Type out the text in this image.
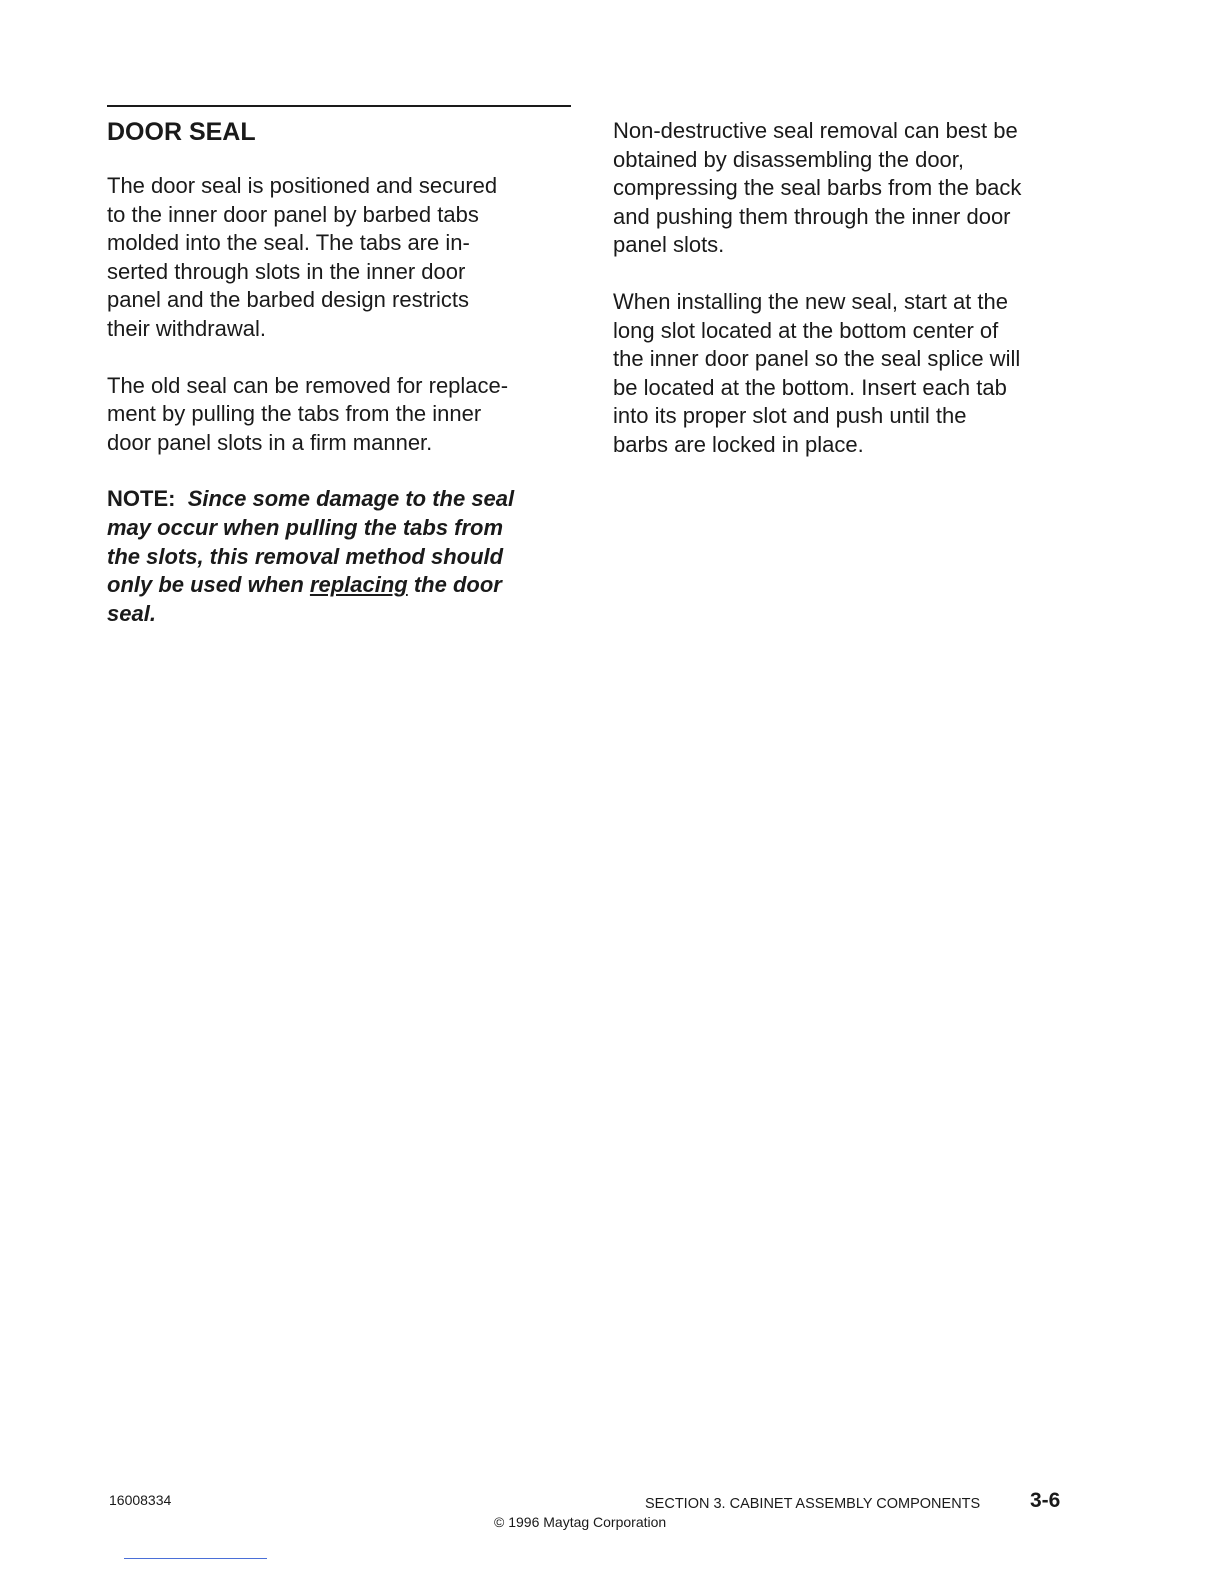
DOOR SEAL
The door seal is positioned and secured
to the inner door panel by barbed tabs
molded into the seal. The tabs are in-
serted through slots in the inner door
panel and the barbed design restricts
their withdrawal.
The old seal can be removed for replace-
ment by pulling the tabs from the inner
door panel slots in a firm manner.
NOTE: Since some damage to the seal
may occur when pulling the tabs from
the slots, this removal method should
only be used when replacing the door
seal.
Non-destructive seal removal can best be
obtained by disassembling the door,
compressing the seal barbs from the back
and pushing them through the inner door
panel slots.
When installing the new seal, start at the
long slot located at the bottom center of
the inner door panel so the seal splice will
be located at the bottom. Insert each tab
into its proper slot and push until the
barbs are locked in place.
16008334	SECTION 3. CABINET ASSEMBLY COMPONENTS 3-6
© 1996 Maytag Corporation
